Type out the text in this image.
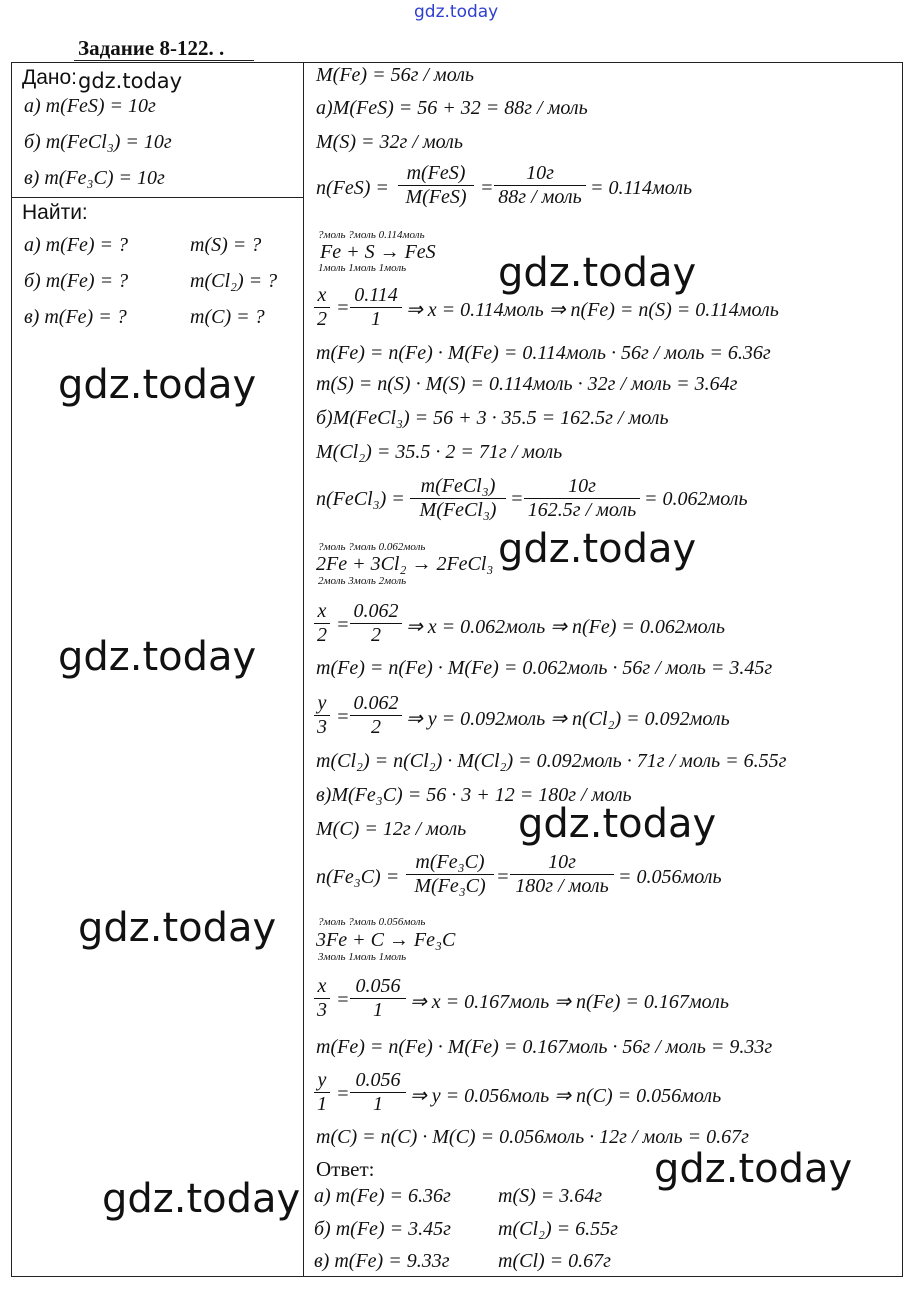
gdz.today
Задание 8-122. .
Дано: gdz.today
а) m(FeS) = 10г
б) m(FeCl₃) = 10г
в) m(Fe₃C) = 10г
Найти:
а) m(Fe) = ?	m(S) = ?
б) m(Fe) = ?	m(Cl₂) = ?
в) m(Fe) = ?	m(C) = ?
M(Fe) = 56г / моль
а)M(FeS) = 56 + 32 = 88г / моль
M(S) = 32г / моль
n(FeS) =
m(FeS)
M(FeS) =
10г
88г / моль = 0.114моль
?моль ?моль 0.114моль
Fe + S → FeS
1моль 1моль 1моль
$\frac{x}{2} = \frac{0.114}{1}$ ⇒ x = 0.114моль ⇒ n(Fe) = n(S) = 0.114моль
m(Fe) = n(Fe) · M(Fe) = 0.114моль · 56г / моль = 6.36г
m(S) = n(S) · M(S) = 0.114моль · 32г / моль = 3.64г
б)M(FeCl₃) = 56 + 3 · 35.5 = 162.5г / моль
M(Cl₂) = 35.5 · 2 = 71г / моль
n(FeCl₃) =
m(FeCl₃)
M(FeCl₃) =
10г
162.5г / моль = 0.062моль
?моль ?моль 0.062моль
2Fe + 3Cl₂ → 2FeCl₃
2моль 3моль 2моль
$\frac{x}{2} = \frac{0.062}{2}$ ⇒ x = 0.062моль ⇒ n(Fe) = 0.062моль
m(Fe) = n(Fe) · M(Fe) = 0.062моль · 56г / моль = 3.45г
$\frac{y}{3} = \frac{0.062}{2}$ ⇒ y = 0.092моль ⇒ n(Cl₂) = 0.092моль
m(Cl₂) = n(Cl₂) · M(Cl₂) = 0.092моль · 71г / моль = 6.55г
в)M(Fe₃C) = 56 · 3 + 12 = 180г / моль
M(C) = 12г / моль
$n(Fe_3C) = \frac{\text{m(Fe₃C)}}{\text{M(Fe₃C)}}$ =
10г
180г / моль = 0.056моль
?моль ?моль 0.056моль
3Fe + C → Fe₃C
3моль 1моль 1моль
$\frac{x}{3} = \frac{0.056}{1}$ ⇒ x = 0.167моль ⇒ n(Fe) = 0.167моль
m(Fe) = n(Fe) · M(Fe) = 0.167моль · 56г / моль = 9.33г
$\frac{y}{1} = \frac{0.056}{1}$ ⇒ y = 0.056моль ⇒ n(C) = 0.056моль
m(C) = n(C) · M(C) = 0.056моль · 12г / моль = 0.67г
Ответ:
а) m(Fe) = 6.36г m(S) = 3.64г
б) m(Fe) = 3.45г m(Cl₂) = 6.55г
в) m(Fe) = 9.33г m(Cl) = 0.67г
gdz.today
gdz.today
gdz.today
gdz.today
gdz.today
gdz.today
gdz.today
gdz.today
